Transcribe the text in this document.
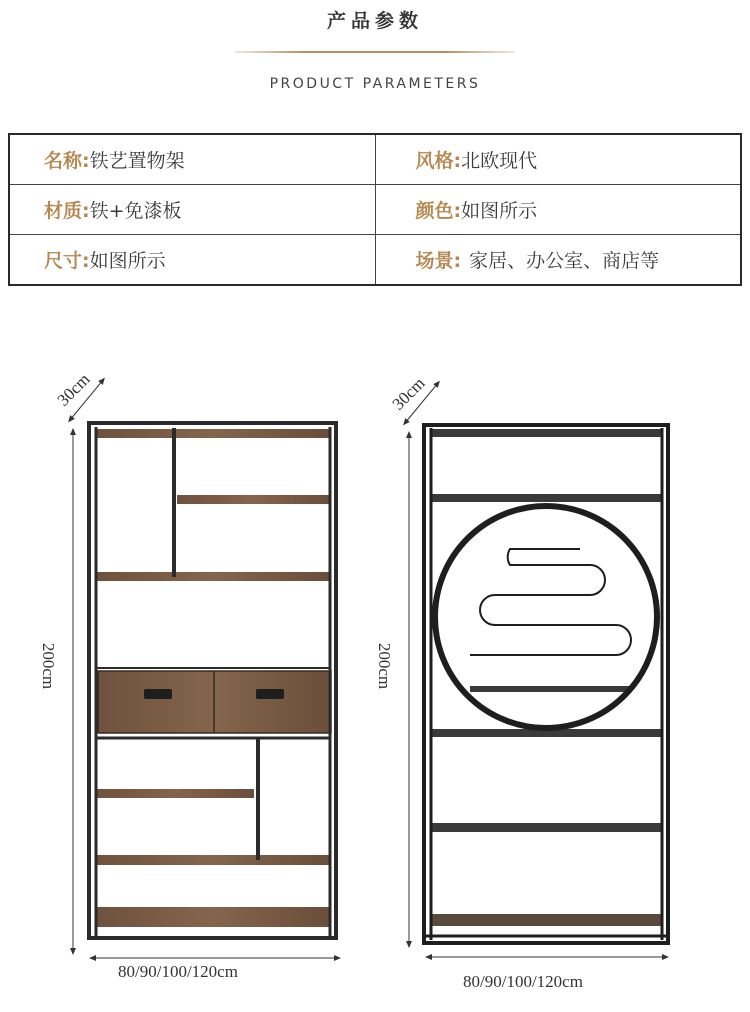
产品参数
PRODUCT PARAMETERS
名称:铁艺置物架	风格:北欧现代
材质:铁+免漆板	颜色:如图所示
尺寸:如图所示	场景: 家居、办公室、商店等
30cm
200cm
80/90/100/120cm
30cm
200cm
80/90/100/120cm
